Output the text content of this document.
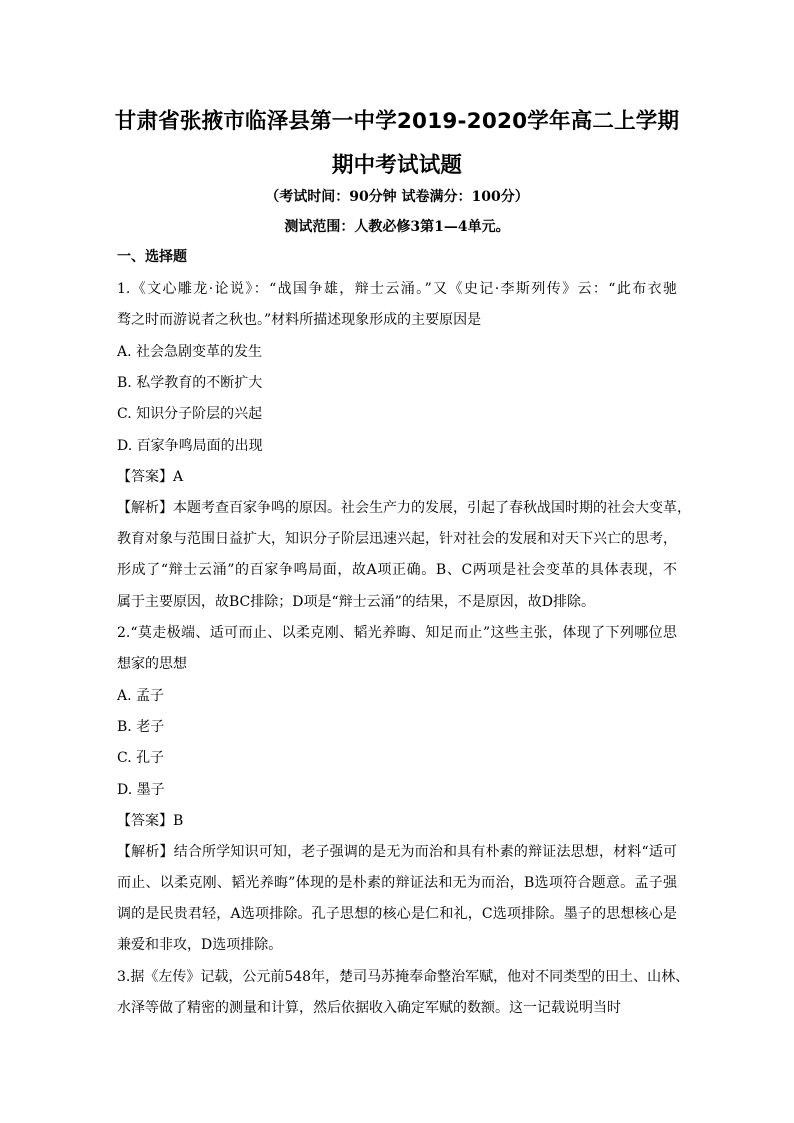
甘肃省张掖市临泽县第一中学2019-2020学年高二上学期
期中考试试题
（考试时间：90分钟 试卷满分：100分）
测试范围：人教必修3第1—4单元。
一、选择题
1.《文心雕龙·论说》：“战国争雄，辩士云涌。”又《史记·李斯列传》云：“此布衣驰
骛之时而游说者之秋也。”材料所描述现象形成的主要原因是
A. 社会急剧变革的发生
B. 私学教育的不断扩大
C. 知识分子阶层的兴起
D. 百家争鸣局面的出现
【答案】A
【解析】本题考查百家争鸣的原因。社会生产力的发展，引起了春秋战国时期的社会大变革，
教育对象与范围日益扩大，知识分子阶层迅速兴起，针对社会的发展和对天下兴亡的思考，
形成了“辩士云涌”的百家争鸣局面，故A项正确。B、C两项是社会变革的具体表现，不
属于主要原因，故BC排除；D项是“辩士云涌”的结果，不是原因，故D排除。
2.“莫走极端、适可而止、以柔克刚、韬光养晦、知足而止”这些主张，体现了下列哪位思
想家的思想
A. 孟子
B. 老子
C. 孔子
D. 墨子
【答案】B
【解析】结合所学知识可知，老子强调的是无为而治和具有朴素的辩证法思想，材料“适可
而止、以柔克刚、韬光养晦”体现的是朴素的辩证法和无为而治，B选项符合题意。孟子强
调的是民贵君轻，A选项排除。孔子思想的核心是仁和礼，C选项排除。墨子的思想核心是
兼爱和非攻，D选项排除。
3.据《左传》记载，公元前548年，楚司马苏掩奉命整治军赋，他对不同类型的田土、山林、
水泽等做了精密的测量和计算，然后依据收入确定军赋的数额。这一记载说明当时
